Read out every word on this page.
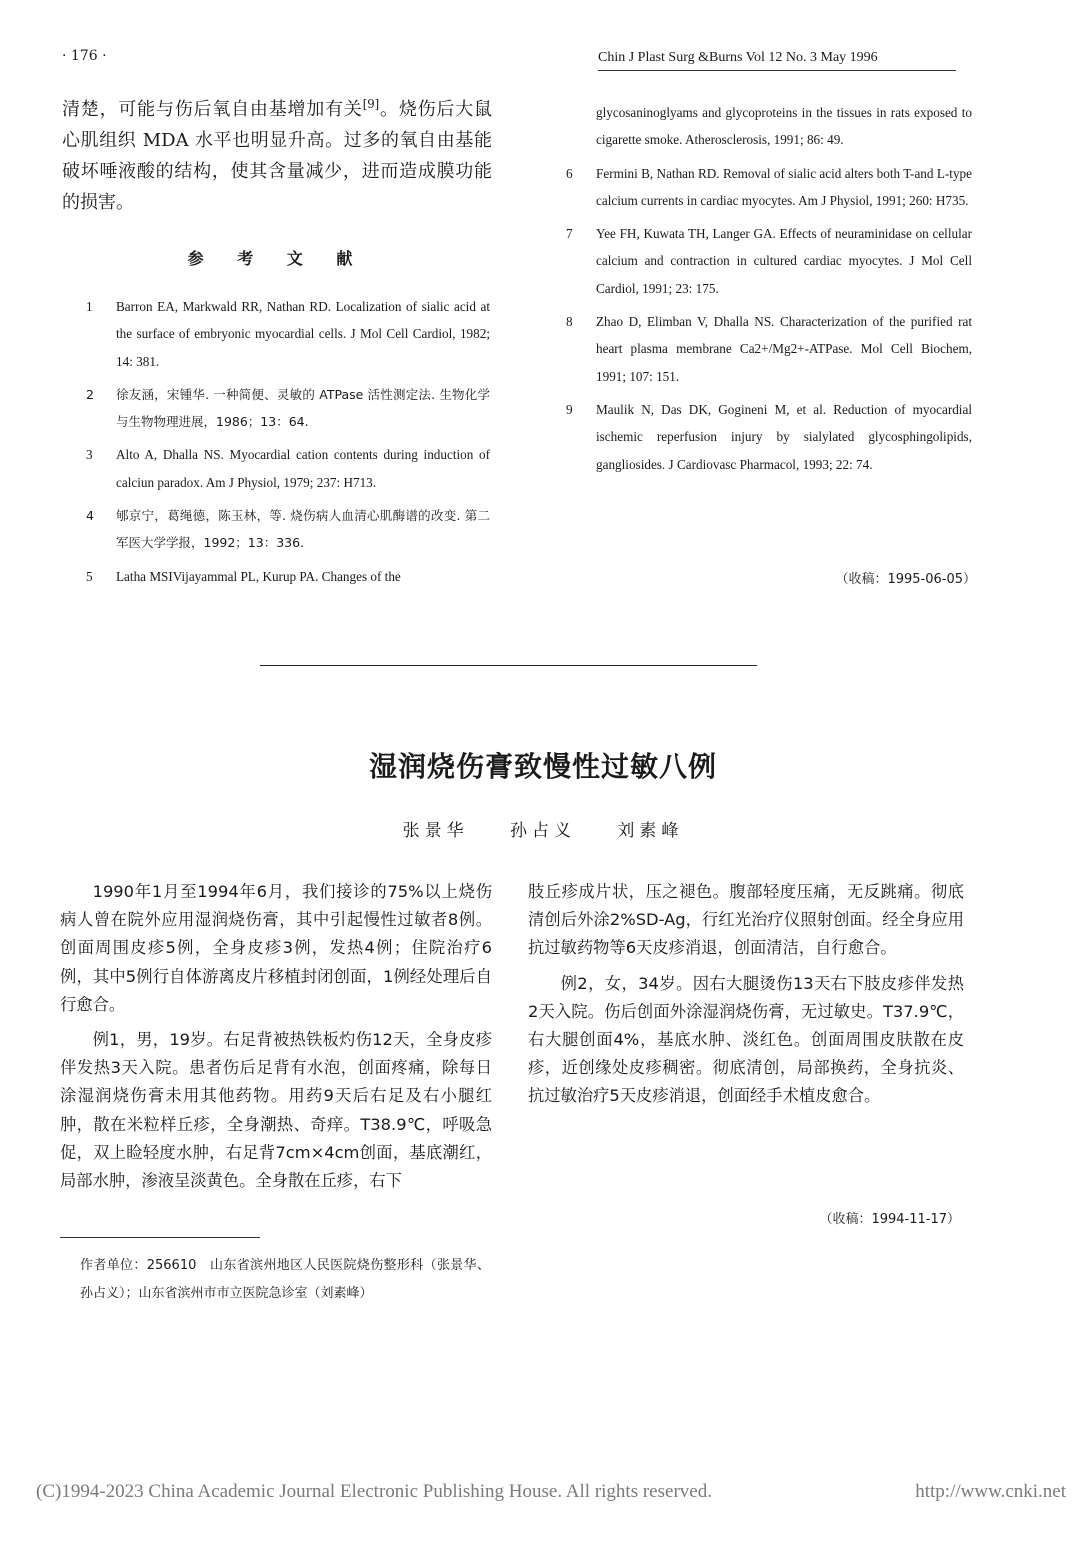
· 176 ·	Chin J Plast Surg &Burns Vol 12 No. 3 May 1996

清楚，可能与伤后氧自由基增加有关[9]。烧伤后大鼠心肌组织 MDA 水平也明显升高。过多的氧自由基能破坏唾液酸的结构，使其含量减少，进而造成膜功能的损害。

参 考 文 献
1 Barron EA, Markwald RR, Nathan RD. Localization of sialic acid at the surface of embryonic myocardial cells. J Mol Cell Cardiol, 1982; 14: 381.
2 徐友涵，宋锺华. 一种简便、灵敏的 ATPase 活性测定法. 生物化学与生物物理进展，1986；13：64.
3 Alto A, Dhalla NS. Myocardial cation contents during induction of calciun paradox. Am J Physiol, 1979; 237: H713.
4 郇京宁，葛绳德，陈玉林，等. 烧伤病人血清心肌酶谱的改变. 第二军医大学学报，1992；13：336.
5 Latha MSIVijayammal PL, Kurup PA. Changes of the
glycosaninoglyams and glycoproteins in the tissues in rats exposed to cigarette smoke. Atherosclerosis, 1991; 86: 49.
6 Fermini B, Nathan RD. Removal of sialic acid alters both T-and L-type calcium currents in cardiac myocytes. Am J Physiol, 1991; 260: H735.
7 Yee FH, Kuwata TH, Langer GA. Effects of neuraminidase on cellular calcium and contraction in cultured cardiac myocytes. J Mol Cell Cardiol, 1991; 23: 175.
8 Zhao D, Elimban V, Dhalla NS. Characterization of the purified rat heart plasma membrane Ca2+/Mg2+-ATPase. Mol Cell Biochem, 1991; 107: 151.
9 Maulik N, Das DK, Gogineni M, et al. Reduction of myocardial ischemic reperfusion injury by sialylated glycosphingolipids, gangliosides. J Cardiovasc Pharmacol, 1993; 22: 74.
（收稿：1995-06-05）
湿润烧伤膏致慢性过敏八例
张景华 孙占义 刘素峰

1990年1月至1994年6月，我们接诊的75%以上烧伤病人曾在院外应用湿润烧伤膏，其中引起慢性过敏者8例。创面周围皮疹5例，全身皮疹3例，发热4例；住院治疗6例，其中5例行自体游离皮片移植封闭创面，1例经处理后自行愈合。

例1，男，19岁。右足背被热铁板灼伤12天，全身皮疹伴发热3天入院。患者伤后足背有水泡，创面疼痛，除每日涂湿润烧伤膏未用其他药物。用药9天后右足及右小腿红肿，散在米粒样丘疹，全身潮热、奇痒。T38.9℃，呼吸急促，双上睑轻度水肿，右足背7cm×4cm创面，基底潮红，局部水肿，渗液呈淡黄色。全身散在丘疹，右下

肢丘疹成片状，压之褪色。腹部轻度压痛，无反跳痛。彻底清创后外涂2%SD-Ag，行红光治疗仪照射创面。经全身应用抗过敏药物等6天皮疹消退，创面清洁，自行愈合。

例2，女，34岁。因右大腿烫伤13天右下肢皮疹伴发热2天入院。伤后创面外涂湿润烧伤膏，无过敏史。T37.9℃，右大腿创面4%，基底水肿、淡红色。创面周围皮肤散在皮疹，近创缘处皮疹稠密。彻底清创，局部换药，全身抗炎、抗过敏治疗5天皮疹消退，创面经手术植皮愈合。

（收稿：1994-11-17）
作者单位：256610　山东省滨州地区人民医院烧伤整形科（张景华、孙占义）；山东省滨州市市立医院急诊室（刘素峰）
(C)1994-2023 China Academic Journal Electronic Publishing House. All rights reserved.	http://www.cnki.net
